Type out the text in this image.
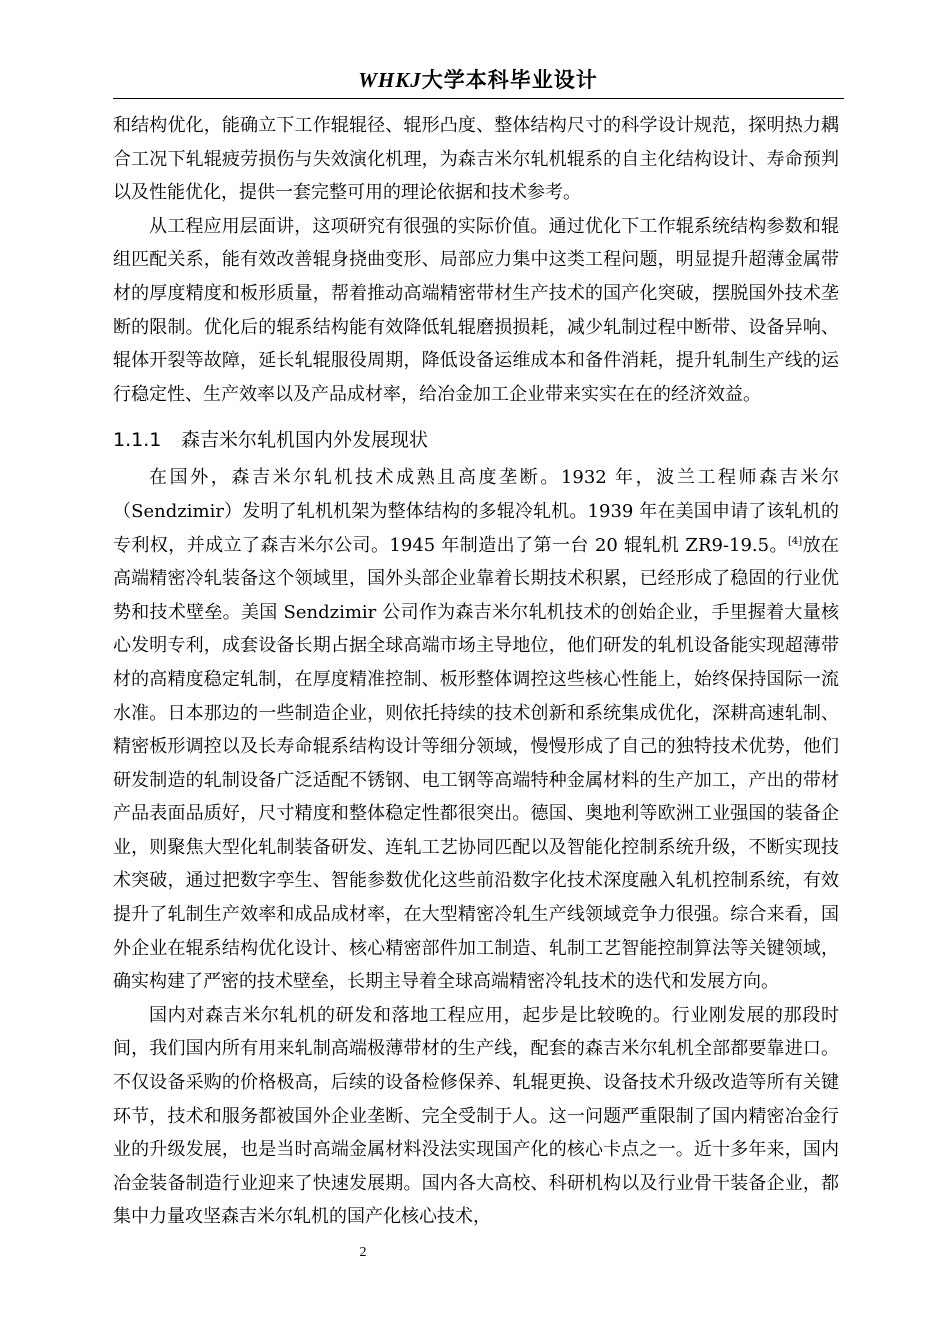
WHKJ大学本科毕业设计

和结构优化，能确立下工作辊辊径、辊形凸度、整体结构尺寸的科学设计规范，探明热力耦合工况下轧辊疲劳损伤与失效演化机理，为森吉米尔轧机辊系的自主化结构设计、寿命预判以及性能优化，提供一套完整可用的理论依据和技术参考。

从工程应用层面讲，这项研究有很强的实际价值。通过优化下工作辊系统结构参数和辊组匹配关系，能有效改善辊身挠曲变形、局部应力集中这类工程问题，明显提升超薄金属带材的厚度精度和板形质量，帮着推动高端精密带材生产技术的国产化突破，摆脱国外技术垄断的限制。优化后的辊系结构能有效降低轧辊磨损损耗，减少轧制过程中断带、设备异响、辊体开裂等故障，延长轧辊服役周期，降低设备运维成本和备件消耗，提升轧制生产线的运行稳定性、生产效率以及产品成材率，给冶金加工企业带来实实在在的经济效益。

1.1.1 森吉米尔轧机国内外发展现状

在国外，森吉米尔轧机技术成熟且高度垄断。1932 年，波兰工程师森吉米尔（Sendzimir）发明了轧机机架为整体结构的多辊冷轧机。1939 年在美国申请了该轧机的专利权，并成立了森吉米尔公司。1945 年制造出了第一台 20 辊轧机 ZR9-19.5。[4]放在高端精密冷轧装备这个领域里，国外头部企业靠着长期技术积累，已经形成了稳固的行业优势和技术壁垒。美国 Sendzimir 公司作为森吉米尔轧机技术的创始企业，手里握着大量核心发明专利，成套设备长期占据全球高端市场主导地位，他们研发的轧机设备能实现超薄带材的高精度稳定轧制，在厚度精准控制、板形整体调控这些核心性能上，始终保持国际一流水准。日本那边的一些制造企业，则依托持续的技术创新和系统集成优化，深耕高速轧制、精密板形调控以及长寿命辊系结构设计等细分领域，慢慢形成了自己的独特技术优势，他们研发制造的轧制设备广泛适配不锈钢、电工钢等高端特种金属材料的生产加工，产出的带材产品表面品质好，尺寸精度和整体稳定性都很突出。德国、奥地利等欧洲工业强国的装备企业，则聚焦大型化轧制装备研发、连轧工艺协同匹配以及智能化控制系统升级，不断实现技术突破，通过把数字孪生、智能参数优化这些前沿数字化技术深度融入轧机控制系统，有效提升了轧制生产效率和成品成材率，在大型精密冷轧生产线领域竞争力很强。综合来看，国外企业在辊系结构优化设计、核心精密部件加工制造、轧制工艺智能控制算法等关键领域，确实构建了严密的技术壁垒，长期主导着全球高端精密冷轧技术的迭代和发展方向。

国内对森吉米尔轧机的研发和落地工程应用，起步是比较晚的。行业刚发展的那段时间，我们国内所有用来轧制高端极薄带材的生产线，配套的森吉米尔轧机全部都要靠进口。不仅设备采购的价格极高，后续的设备检修保养、轧辊更换、设备技术升级改造等所有关键环节，技术和服务都被国外企业垄断、完全受制于人。这一问题严重限制了国内精密冶金行业的升级发展，也是当时高端金属材料没法实现国产化的核心卡点之一。近十多年来，国内冶金装备制造行业迎来了快速发展期。国内各大高校、科研机构以及行业骨干装备企业，都集中力量攻坚森吉米尔轧机的国产化核心技术，

2
